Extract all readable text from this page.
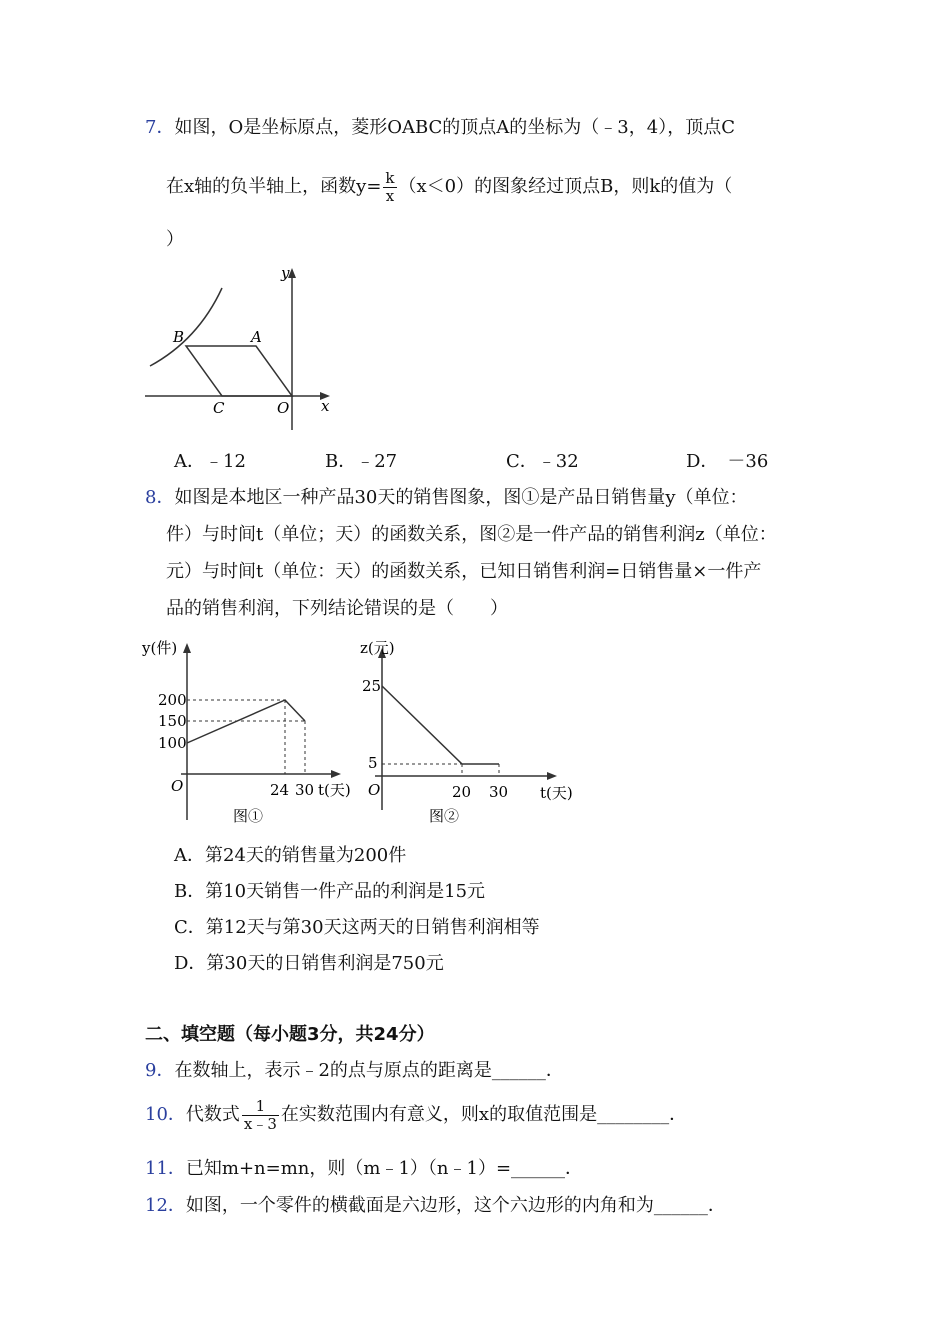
7．如图，O是坐标原点，菱形OABC的顶点A的坐标为（﹣3，4），顶点C
在x轴的负半轴上，函数$y= \frac{k}{x} (x<0)$的图象经过顶点B，则k的值为（
）
y
x
B	A
C	O
A．﹣12	B．﹣27	C．﹣32	D．　－36
8．如图是本地区一种产品30天的销售图象，图①是产品日销售量y（单位：
件）与时间t（单位；天）的函数关系，图②是一件产品的销售利润z（单位：
元）与时间t（单位：天）的函数关系，已知日销售利润=日销售量×一件产
品的销售利润，下列结论错误的是（　　）
y(件)
200
150
100
O	24 30 t(天)
图①
z(元)
25
5
O	20 30 t(天)
图②
A．第24天的销售量为200件
B．第10天销售一件产品的利润是15元
C．第12天与第30天这两天的日销售利润相等
D．第30天的日销售利润是750元
二、填空题（每小题3分，共24分）
9．在数轴上，表示﹣2的点与原点的距离是______．
10．代数式 $\frac{1}{x﹣3}$ 在实数范围内有意义，则x的取值范围是________．
11．已知m+n=mn，则（m﹣1）（n﹣1）=______．
12．如图，一个零件的横截面是六边形，这个六边形的内角和为______．
